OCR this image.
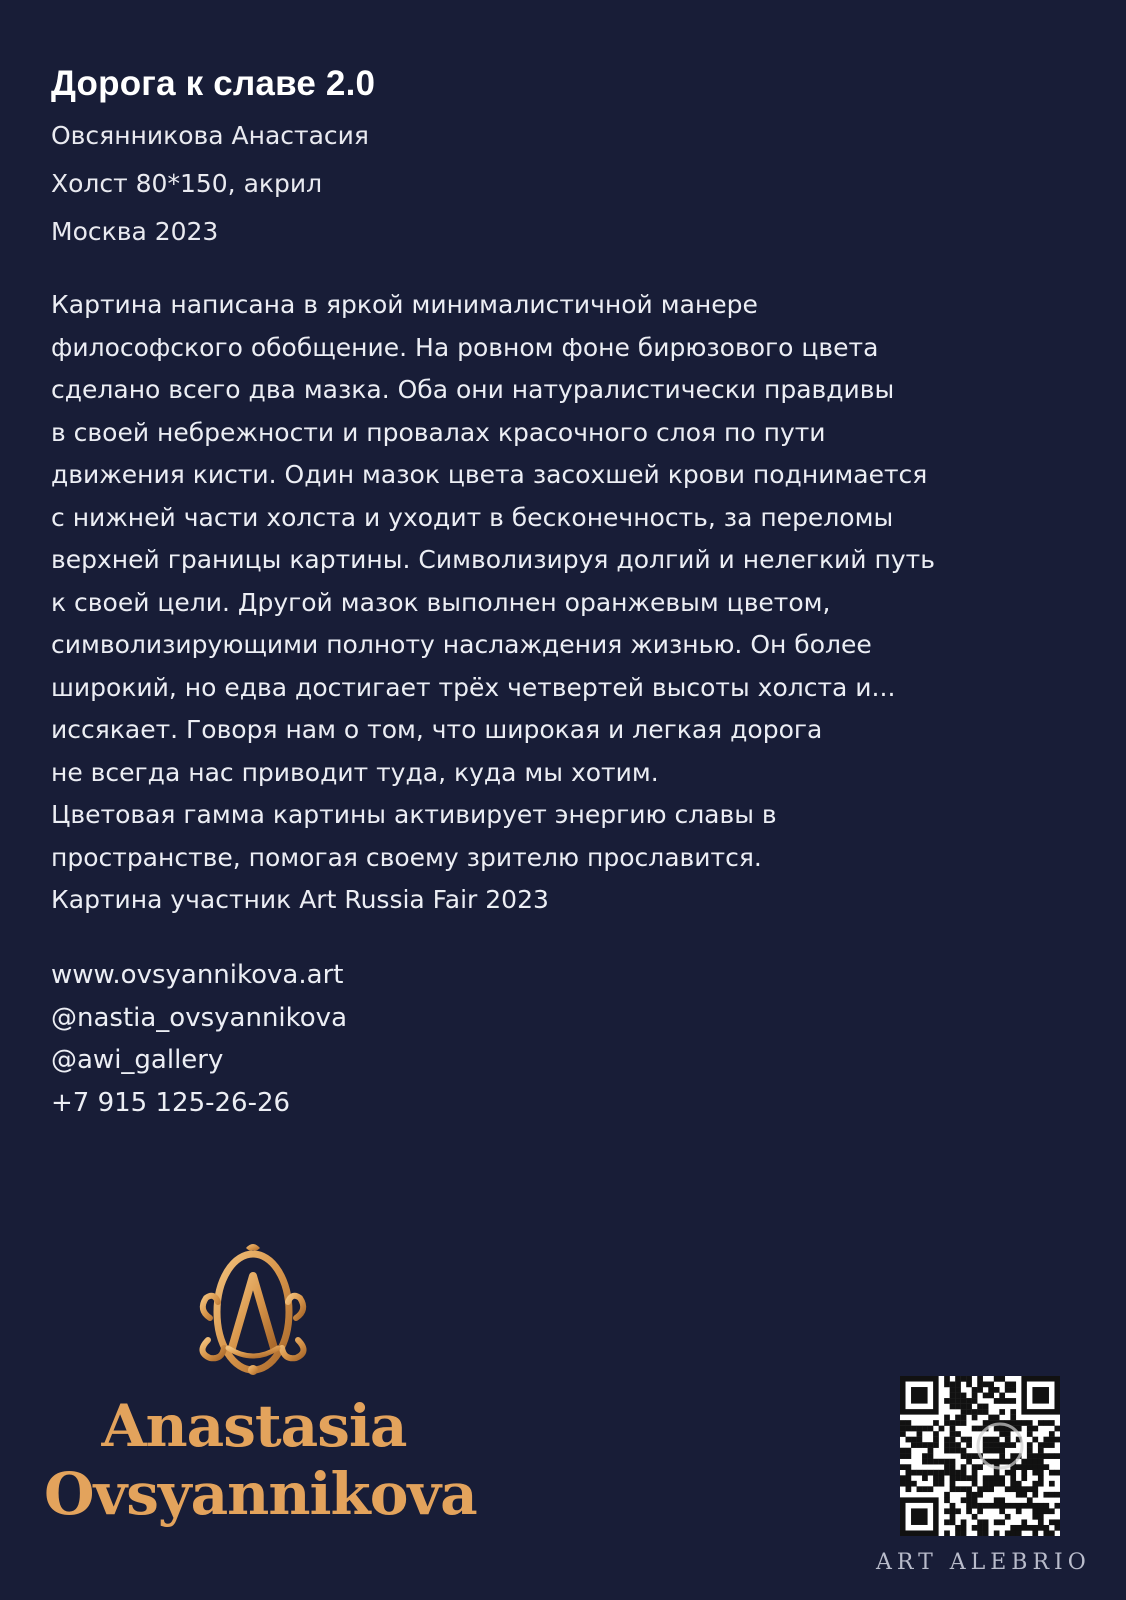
Дорога к славе 2.0

Овсянникова Анастасия

Холст 80*150, акрил

Москва 2023

Картина написана в яркой минималистичной манере

философского обобщение. На ровном фоне бирюзового цвета

сделано всего два мазка. Оба они натуралистически правдивы

в своей небрежности и провалах красочного слоя по пути

движения кисти. Один мазок цвета засохшей крови поднимается

с нижней части холста и уходит в бесконечность, за переломы

верхней границы картины. Символизируя долгий и нелегкий путь

к своей цели. Другой мазок выполнен оранжевым цветом,

символизирующими полноту наслаждения жизнью. Он более

широкий, но едва достигает трёх четвертей высоты холста и...

иссякает. Говоря нам о том, что широкая и легкая дорога

не всегда нас приводит туда, куда мы хотим.

Цветовая гамма картины активирует энергию славы в

пространстве, помогая своему зрителю прославится.

Картина участник Art Russia Fair 2023

www.ovsyannikova.art

@nastia_ovsyannikova

@awi_gallery

+7 915 125-26-26

Anastasia
Ovsyannikova
ART ALEBRIO
